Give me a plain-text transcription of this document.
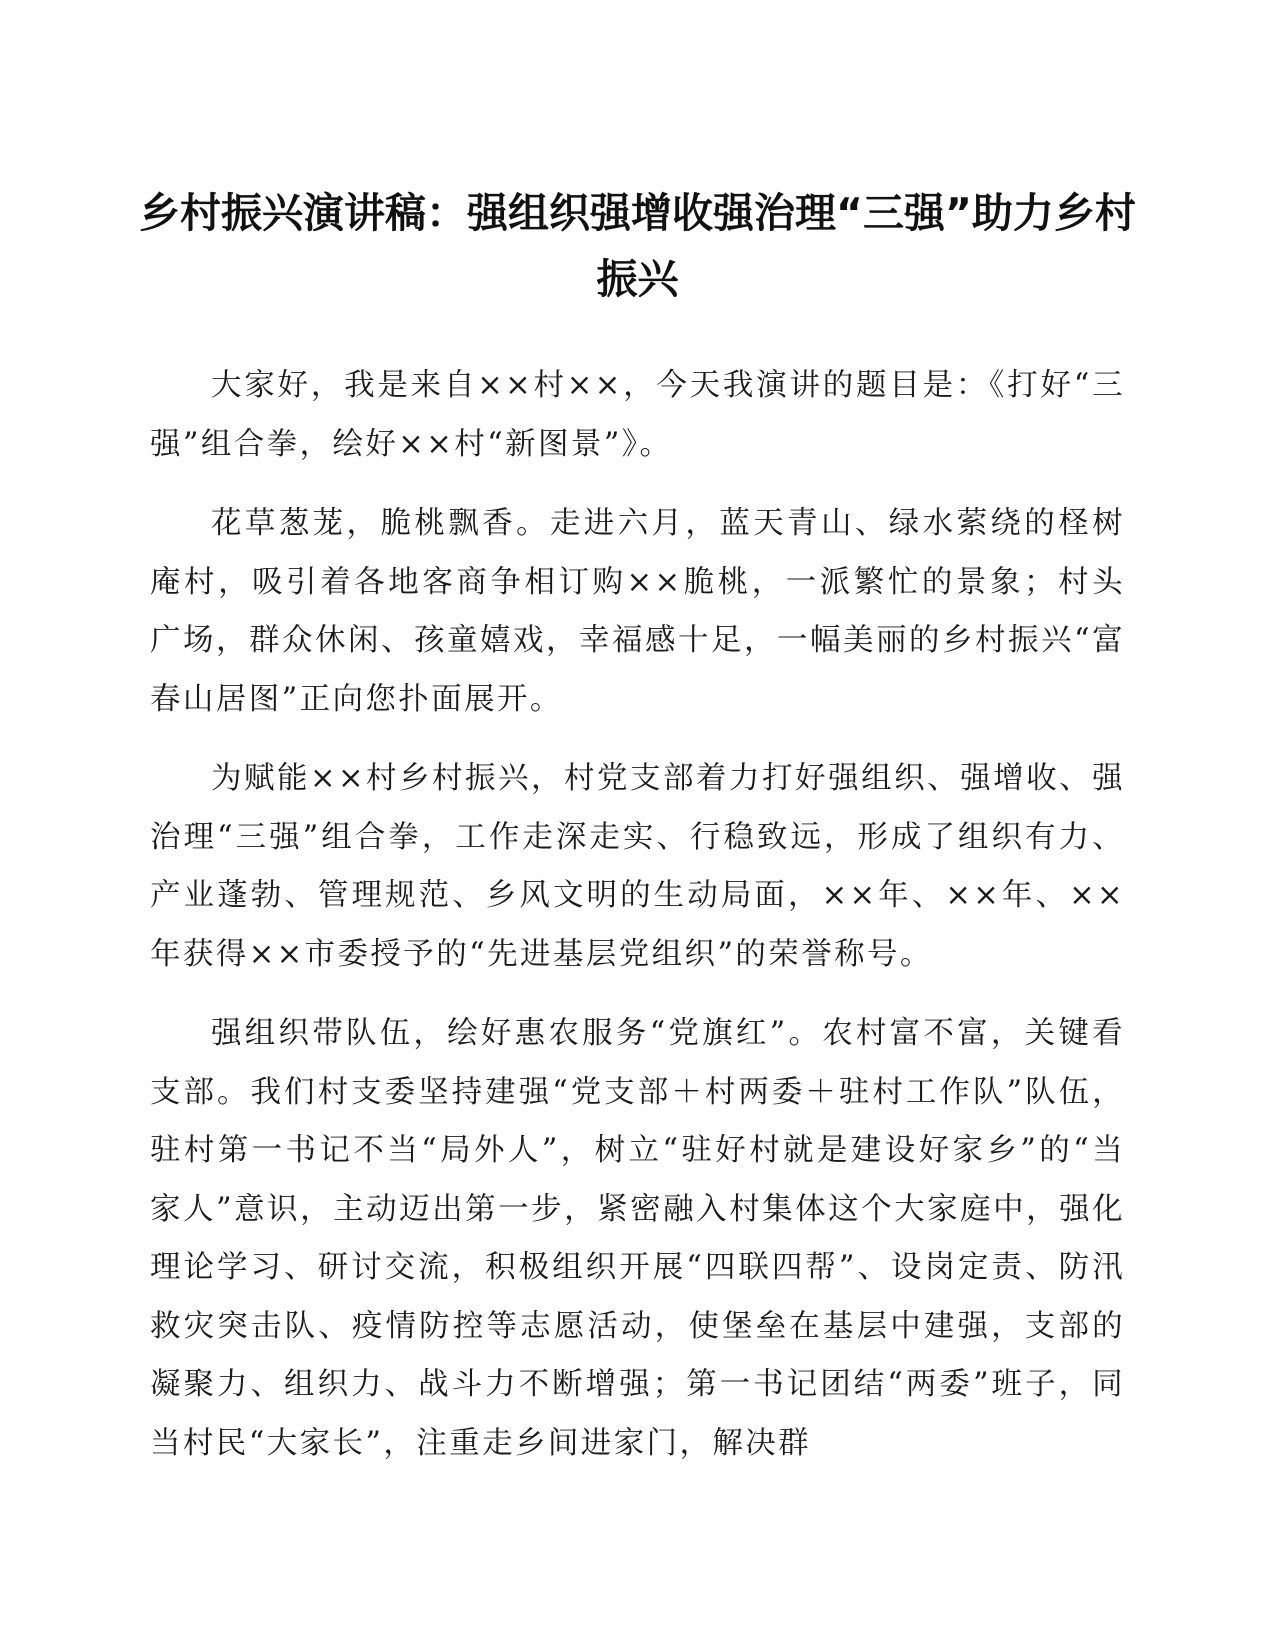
乡村振兴演讲稿：强组织强增收强治理“三强”助力乡村振兴

大家好，我是来自××村××，今天我演讲的题目是：《打好“三强”组合拳，绘好××村“新图景”》。

花草葱茏，脆桃飘香。走进六月，蓝天青山、绿水萦绕的柽树庵村，吸引着各地客商争相订购××脆桃，一派繁忙的景象；村头广场，群众休闲、孩童嬉戏，幸福感十足，一幅美丽的乡村振兴“富春山居图”正向您扑面展开。

为赋能××村乡村振兴，村党支部着力打好强组织、强增收、强治理“三强”组合拳，工作走深走实、行稳致远，形成了组织有力、产业蓬勃、管理规范、乡风文明的生动局面，××年、××年、××年获得××市委授予的“先进基层党组织”的荣誉称号。

强组织带队伍，绘好惠农服务“党旗红”。农村富不富，关键看支部。我们村支委坚持建强“党支部＋村两委＋驻村工作队”队伍，驻村第一书记不当“局外人”，树立“驻好村就是建设好家乡”的“当家人”意识，主动迈出第一步，紧密融入村集体这个大家庭中，强化理论学习、研讨交流，积极组织开展“四联四帮”、设岗定责、防汛救灾突击队、疫情防控等志愿活动，使堡垒在基层中建强，支部的凝聚力、组织力、战斗力不断增强；第一书记团结“两委”班子，同当村民“大家长”，注重走乡间进家门，解决群
